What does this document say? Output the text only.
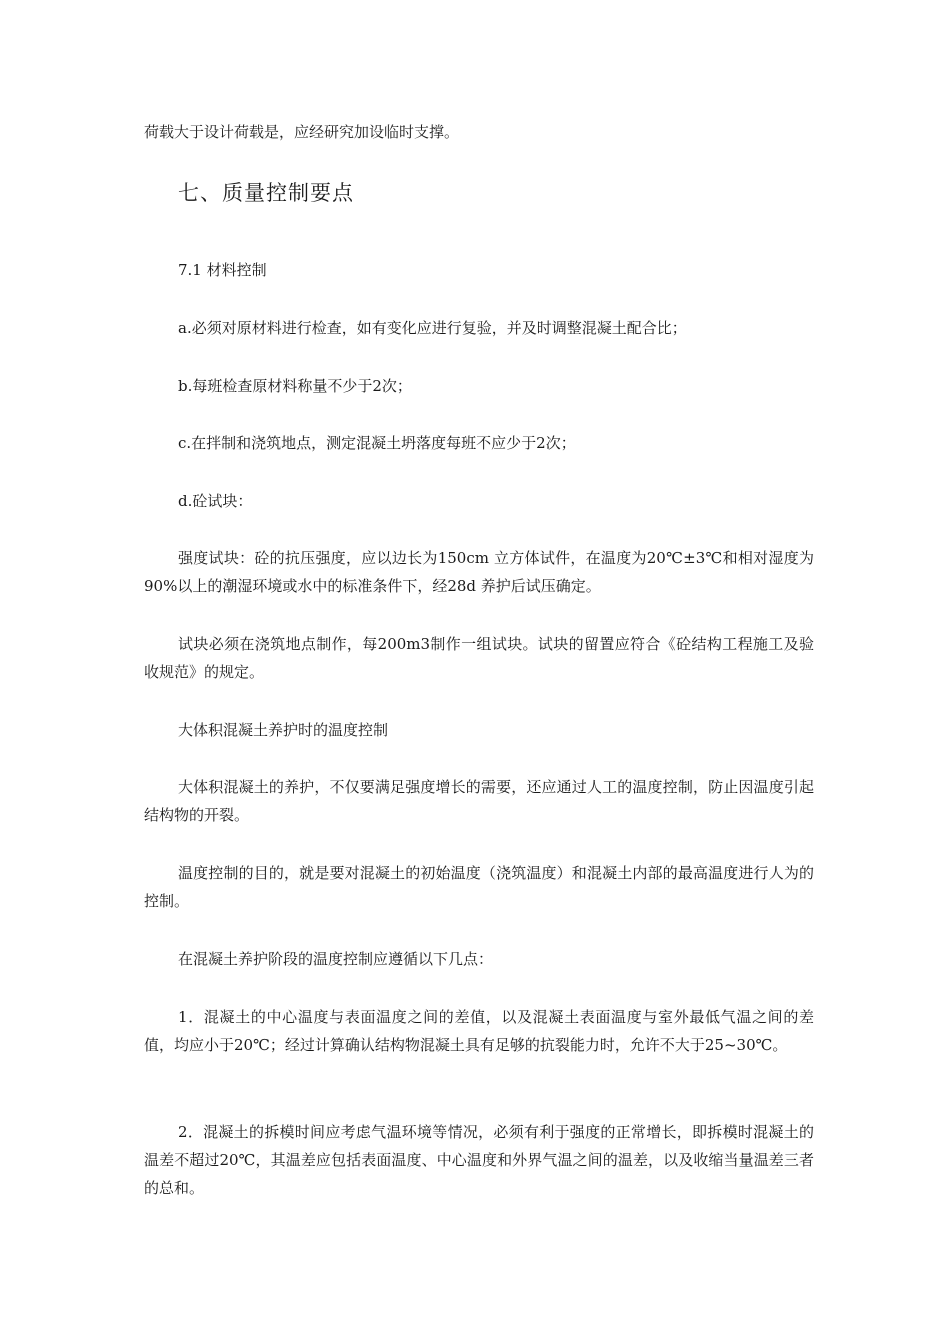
荷载大于设计荷载是，应经研究加设临时支撑。
七、质量控制要点
7.1 材料控制
a.必须对原材料进行检查，如有变化应进行复验，并及时调整混凝土配合比；
b.每班检查原材料称量不少于2次；
c.在拌制和浇筑地点，测定混凝土坍落度每班不应少于2次；
d.砼试块：
强度试块：砼的抗压强度，应以边长为150cm 立方体试件，在温度为20℃±3℃和相对湿度为90%以上的潮湿环境或水中的标准条件下，经28d 养护后试压确定。
试块必须在浇筑地点制作，每200m3制作一组试块。试块的留置应符合《砼结构工程施工及验收规范》的规定。
大体积混凝土养护时的温度控制
大体积混凝土的养护，不仅要满足强度增长的需要，还应通过人工的温度控制，防止因温度引起结构物的开裂。
温度控制的目的，就是要对混凝土的初始温度（浇筑温度）和混凝土内部的最高温度进行人为的控制。
在混凝土养护阶段的温度控制应遵循以下几点：
1．混凝土的中心温度与表面温度之间的差值，以及混凝土表面温度与室外最低气温之间的差值，均应小于20℃；经过计算确认结构物混凝土具有足够的抗裂能力时，允许不大于25~30℃。
2．混凝土的拆模时间应考虑气温环境等情况，必须有利于强度的正常增长，即拆模时混凝土的温差不超过20℃，其温差应包括表面温度、中心温度和外界气温之间的温差，以及收缩当量温差三者的总和。
